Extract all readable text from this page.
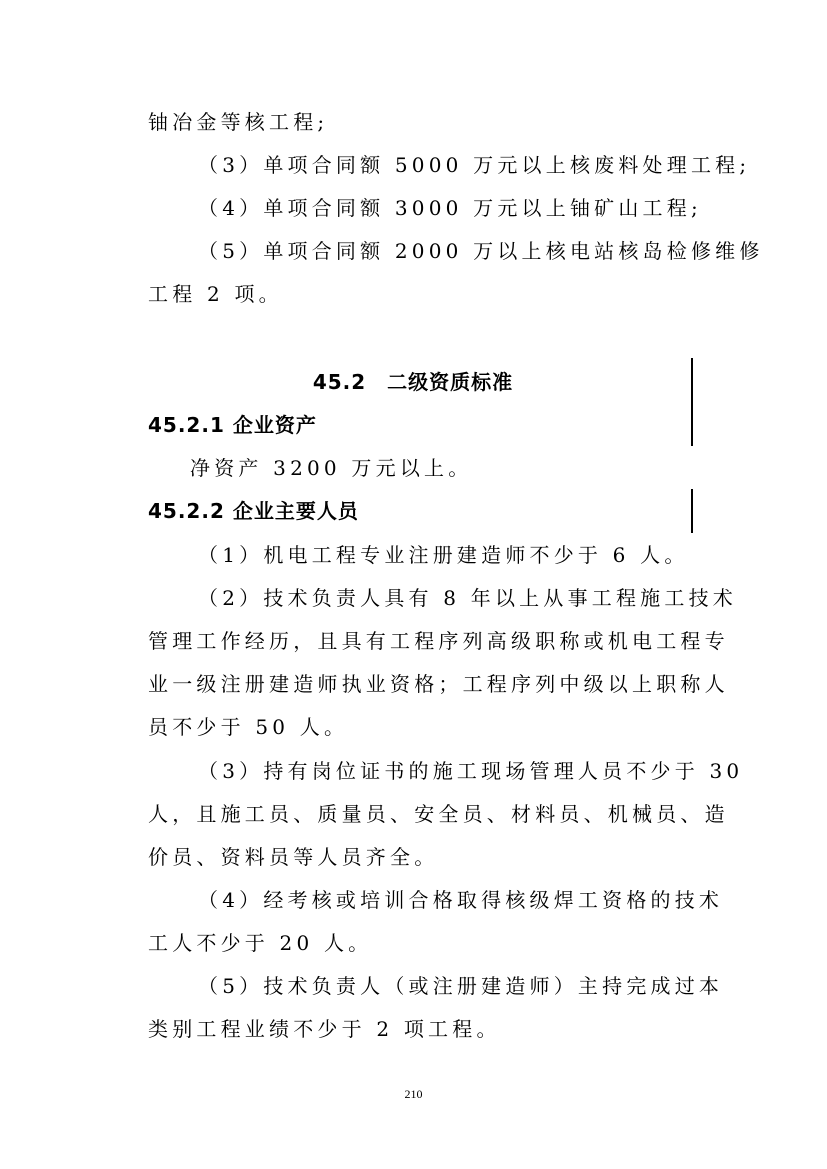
铀冶金等核工程;
（3）单项合同额 5000 万元以上核废料处理工程;
（4）单项合同额 3000 万元以上铀矿山工程;
（5）单项合同额 2000 万以上核电站核岛检修维修
工程 2 项。
45.2　二级资质标准
45.2.1 企业资产
净资产 3200 万元以上。
45.2.2 企业主要人员
（1）机电工程专业注册建造师不少于 6 人。
（2）技术负责人具有 8 年以上从事工程施工技术
管理工作经历，且具有工程序列高级职称或机电工程专
业一级注册建造师执业资格；工程序列中级以上职称人
员不少于 50 人。
（3）持有岗位证书的施工现场管理人员不少于 30
人，且施工员、质量员、安全员、材料员、机械员、造
价员、资料员等人员齐全。
（4）经考核或培训合格取得核级焊工资格的技术
工人不少于 20 人。
（5）技术负责人（或注册建造师）主持完成过本
类别工程业绩不少于 2 项工程。
210
